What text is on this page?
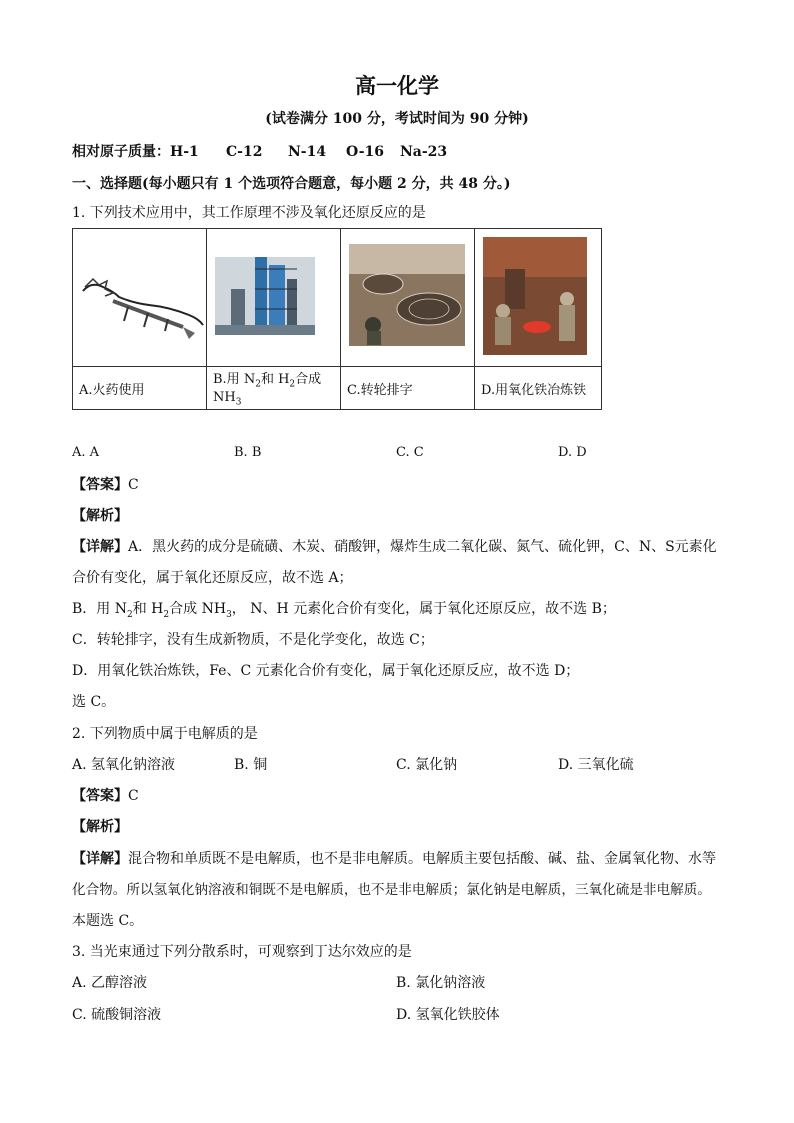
高一化学
(试卷满分 100 分，考试时间为 90 分钟)
相对原子质量：H-1 C-12 N-14 O-16 Na-23
一、选择题(每小题只有 1 个选项符合题意，每小题 2 分，共 48 分。)
1. 下列技术应用中，其工作原理不涉及氧化还原反应的是

A.火药使用	B.用 $N_2$和 $H_2$合成 $NH_3$	C.转轮排字	D.用氧化铁冶炼铁
A. A	B. B	C. C	D. D
【答案】C
【解析】
【详解】A．黑火药的成分是硫磺、木炭、硝酸钾，爆炸生成二氧化碳、氮气、硫化钾，C、N、S元素化
合价有变化，属于氧化还原反应，故不选 A；
B．用 $N_2$和 $H_2$合成 $NH_3$， N、H 元素化合价有变化，属于氧化还原反应，故不选 B；
C．转轮排字，没有生成新物质，不是化学变化，故选 C；
D．用氧化铁冶炼铁，Fe、C 元素化合价有变化，属于氧化还原反应，故不选 D；
选 C。
2. 下列物质中属于电解质的是
A. 氢氧化钠溶液	B. 铜	C. 氯化钠	D. 三氧化硫
【答案】C
【解析】
【详解】混合物和单质既不是电解质，也不是非电解质。电解质主要包括酸、碱、盐、金属氧化物、水等
化合物。所以氢氧化钠溶液和铜既不是电解质，也不是非电解质；氯化钠是电解质，三氧化硫是非电解质。
本题选 C。
3. 当光束通过下列分散系时，可观察到丁达尔效应的是
A. 乙醇溶液	B. 氯化钠溶液
C. 硫酸铜溶液	D. 氢氧化铁胶体
